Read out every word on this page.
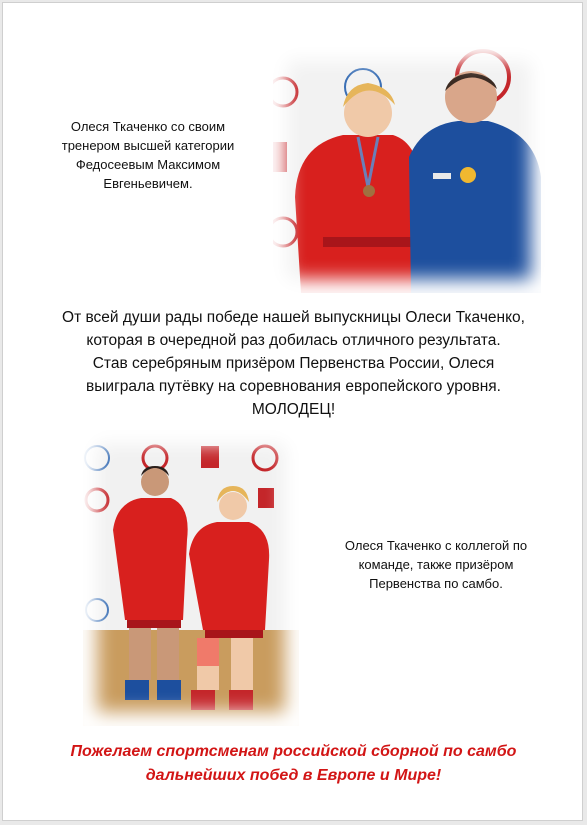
Олеся Ткаченко со своим
тренером высшей категории
Федосеевым Максимом
Евгеньевичем.
От всей души рады победе нашей выпускницы Олеси Ткаченко,
которая в очередной раз добилась отличного результата.
Став серебряным призёром Первенства России, Олеся
выиграла путёвку на соревнования европейского уровня.
МОЛОДЕЦ!
Олеся Ткаченко с коллегой по
команде, также призёром
Первенства по самбо.
Пожелаем спортсменам российской сборной по самбо
дальнейших побед в Европе и Мире!
